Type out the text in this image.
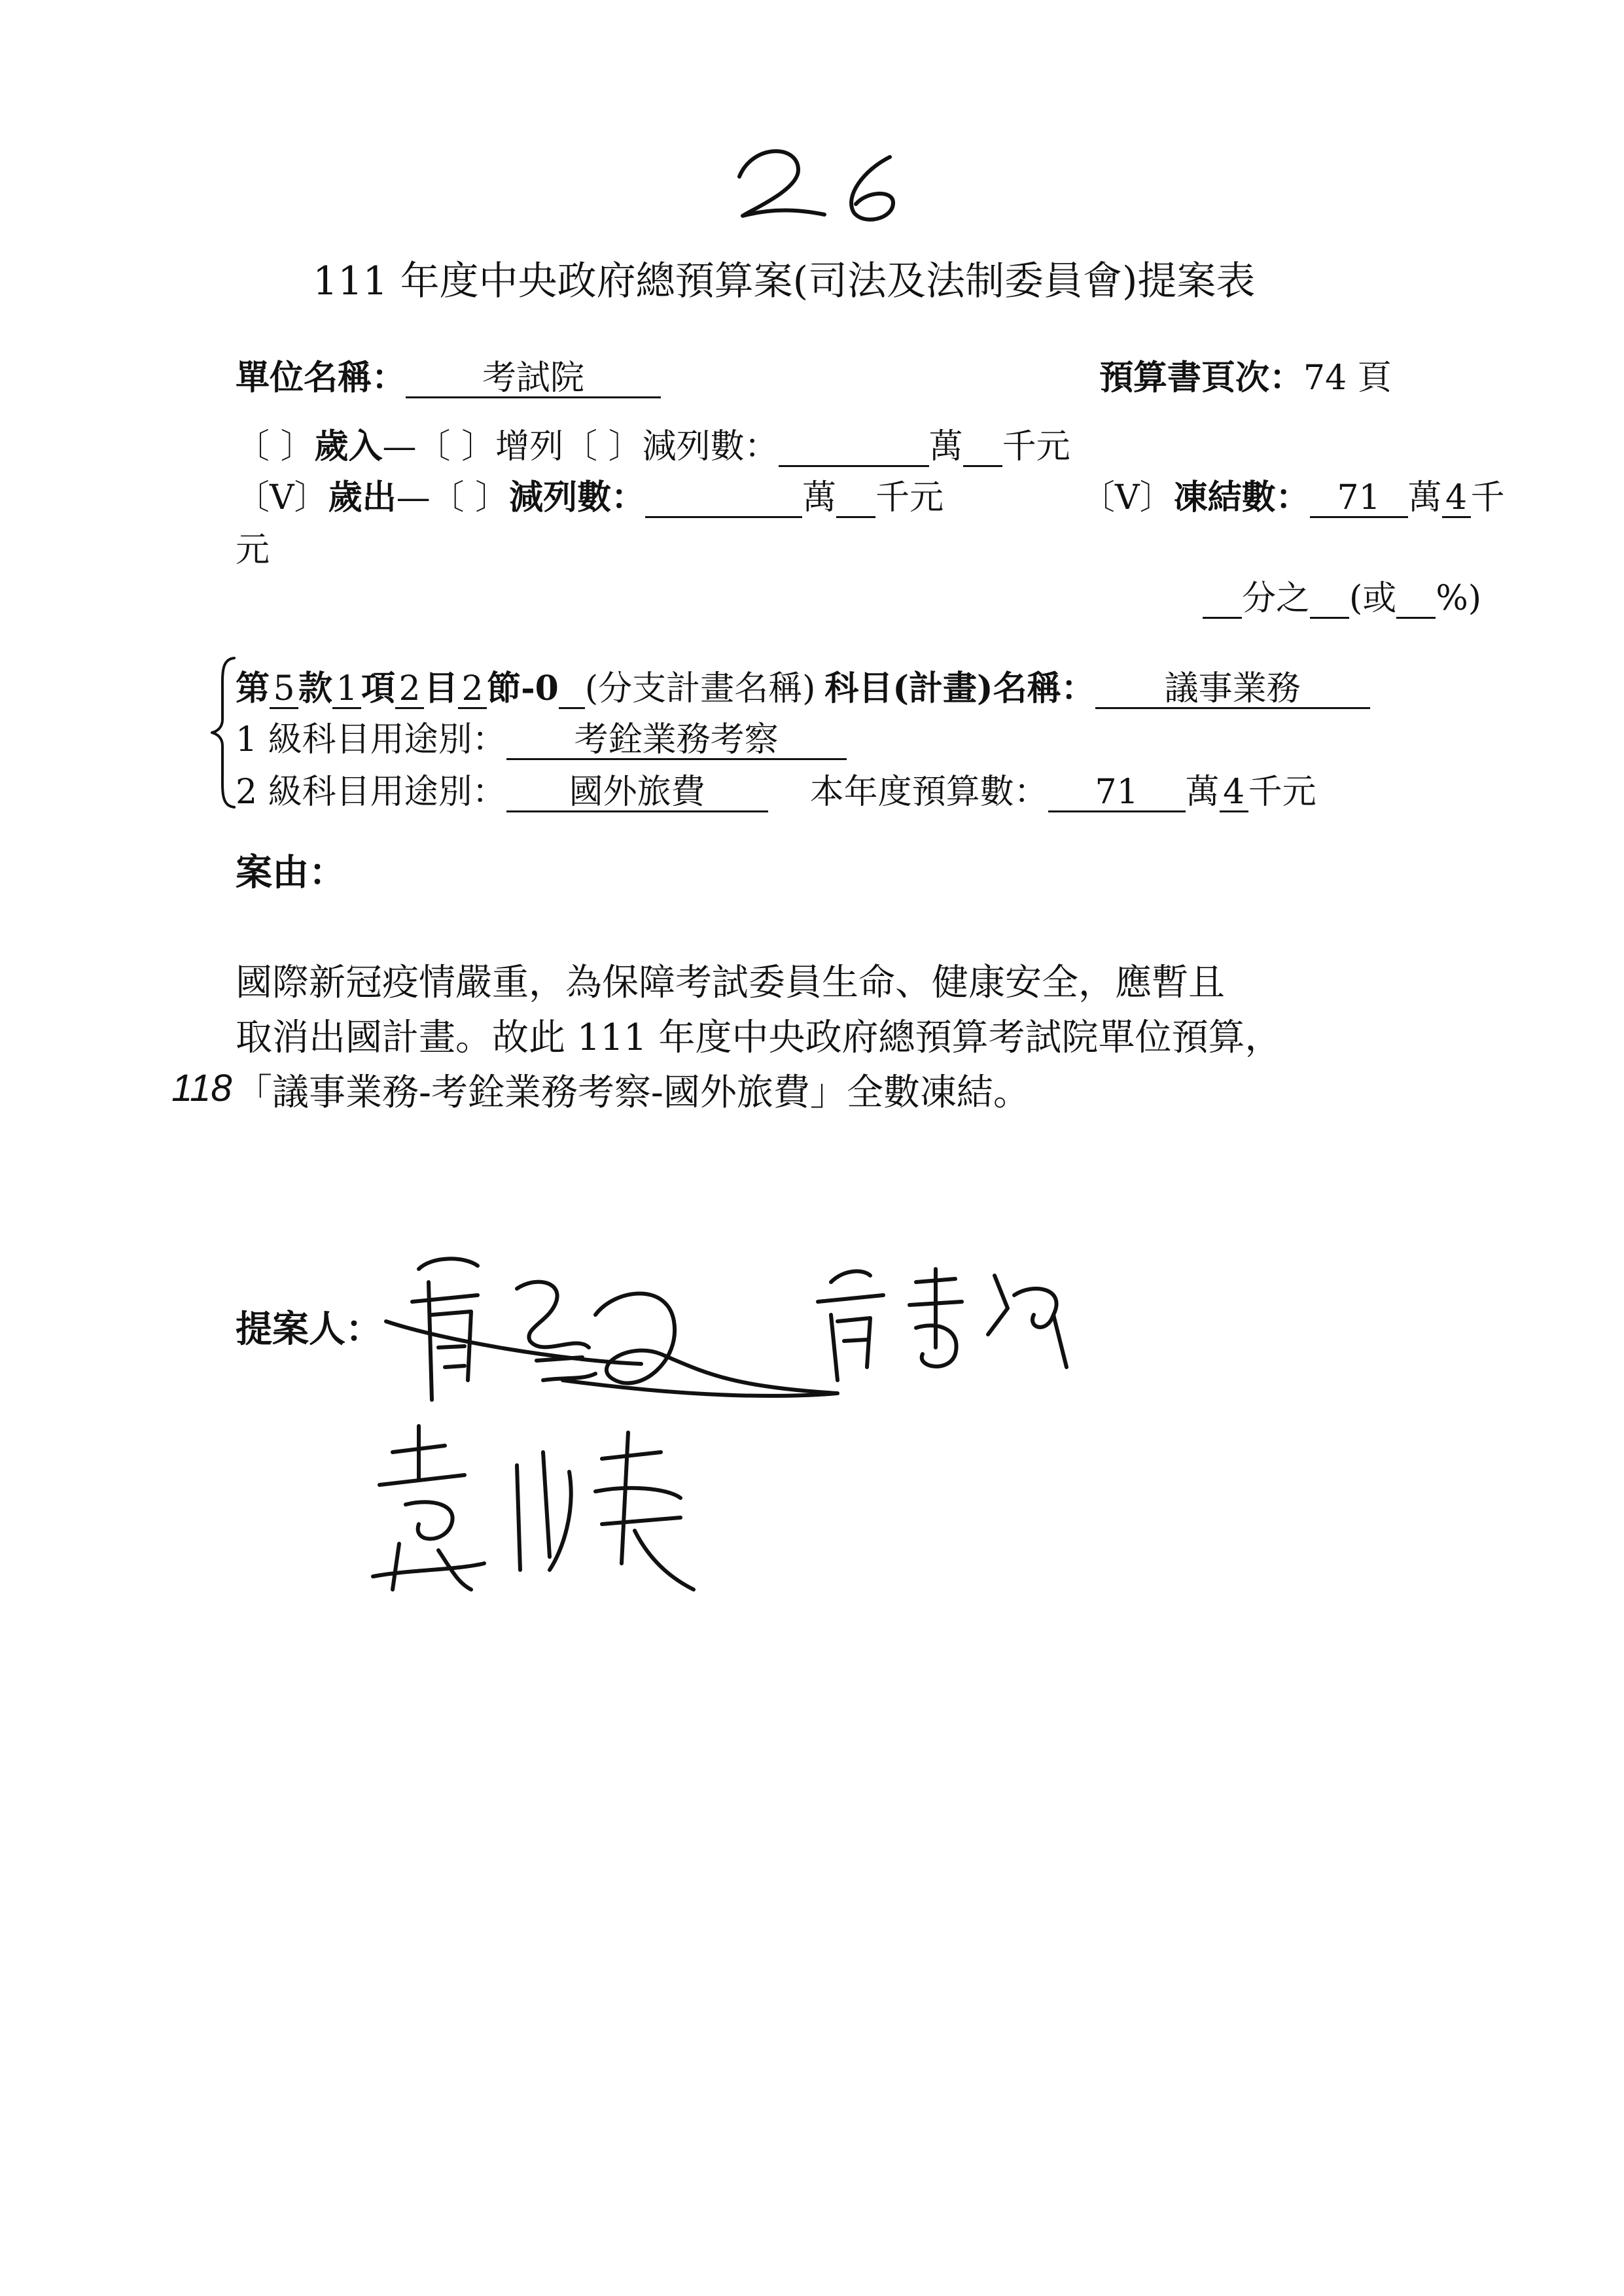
111 年度中央政府總預算案(司法及法制委員會)提案表
單位名稱： 考試院	預算書頁次：74 頁
〔 〕歲入—〔 〕增列〔 〕減列數：	萬 千元
〔V〕歲出—〔 〕減列數：	萬 千元	〔V〕凍結數： 71 萬 4 千
元
分之 (或 %)
第 5 款 1 項 2 目 2 節-0 (分支計畫名稱) 科目(計畫)名稱： 議事業務
1 級科目用途別： 考銓業務考察
2 級科目用途別： 國外旅費	本年度預算數： 71 萬 4 千元
案由：
國際新冠疫情嚴重，為保障考試委員生命、健康安全，應暫且
取消出國計畫。故此 111 年度中央政府總預算考試院單位預算，
118 「議事業務-考銓業務考察-國外旅費」全數凍結。
提案人：
